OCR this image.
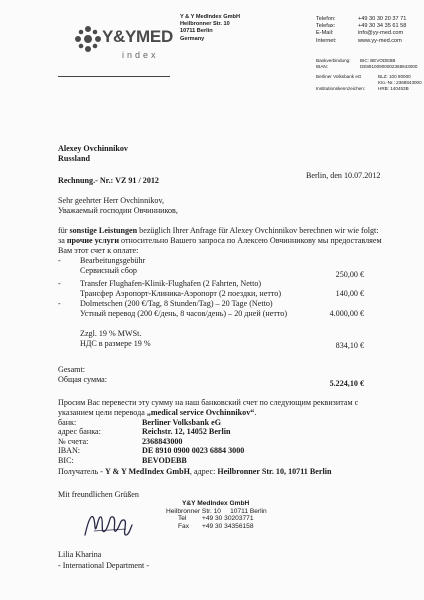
Y&YMED
index
Y & Y MedIndex GmbH
Heilbronner Str. 10
10711 Berlin
Germany
Telefon:	+49 30 30 20 37 71
Telefax:	+49 30 34 35 61 58
E-Mail:	info@yy-med.com
Internet:	www.yy-med.com
Bankverbindung:	BIC: BEVODEBB
IBAN:	DE89100900002368843000
Berliner Volksbank eG	BLZ: 100 90000
Kto.-Nr.: 2368843000
Institutionskennzeichen:	HRB: 140453B
Alexey Ovchinnikov
Russland
Berlin, den 10.07.2012
Rechnung.- Nr.: VZ 91 / 2012
Sehr geehrter Herr Ovchinnikov,
Уважаемый господин Овчинников,
für sonstige Leistungen bezüglich Ihrer Anfrage für Alexey Ovchinnikov berechnen wir wie folgt:
за прочие услуги относительно Вашего запроса по Алексею Овчинникову мы предоставляем
Вам этот счет к оплате:
- Bearbeitungsgebühr
Сервисный сбор	250,00 €
- Transfer Flughafen-Klinik-Flughafen (2 Fahrten, Netto)
Трансфер Аэропорт-Клиника-Аэропорт (2 поездки, нетто)	140,00 €
- Dolmetschen (200 €/Tag, 8 Stunden/Tag) – 20 Tage (Netto)
Устный перевод (200 €/день, 8 часов/день) – 20 дней (нетто)	4.000,00 €
Zzgl. 19 % MWSt.
НДС в размере 19 %	834,10 €
Gesamt:
Общая сумма:	5.224,10 €
Просим Вас перевести эту сумму на наш банковский счет по следующим реквизитам с
указанием цели перевода „medical service Ovchinnikov“.
банк:	Berliner Volksbank eG
адрес банка:	Reichstr. 12, 14052 Berlin
№ счета:	2368843000
IBAN:	DE 8910 0900 0023 6884 3000
BIC:	BEVODEBB
Получатель - Y & Y MedIndex GmbH, адрес: Heilbronner Str. 10, 10711 Berlin
Mit freundlichen Grüßen
Lilia Kharina
- International Department -
Y&Y MedIndex GmbH
Heilbronner Str. 10     10711 Berlin
Tel	+49 30 30203771
Fax	+49 30 34356158
